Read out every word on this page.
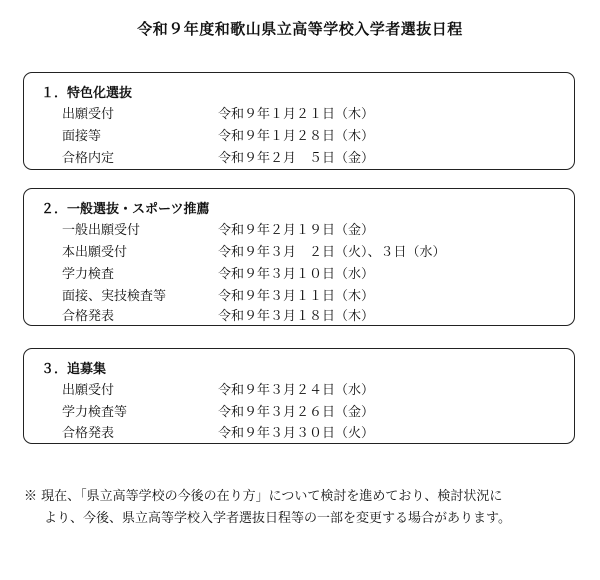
令和９年度和歌山県立高等学校入学者選抜日程
１．特色化選抜
出願受付	令和９年１月２１日（木）
面接等	令和９年１月２８日（木）
合格内定	令和９年２月　５日（金）
２．一般選抜・スポーツ推薦
一般出願受付	令和９年２月１９日（金）
本出願受付	令和９年３月　２日（火）、３日（水）
学力検査	令和９年３月１０日（水）
面接、実技検査等	令和９年３月１１日（木）
合格発表	令和９年３月１８日（木）
３．追募集
出願受付	令和９年３月２４日（水）
学力検査等	令和９年３月２６日（金）
合格発表	令和９年３月３０日（火）
※ 現在、「県立高等学校の今後の在り方」について検討を進めており、検討状況に
より、今後、県立高等学校入学者選抜日程等の一部を変更する場合があります。
